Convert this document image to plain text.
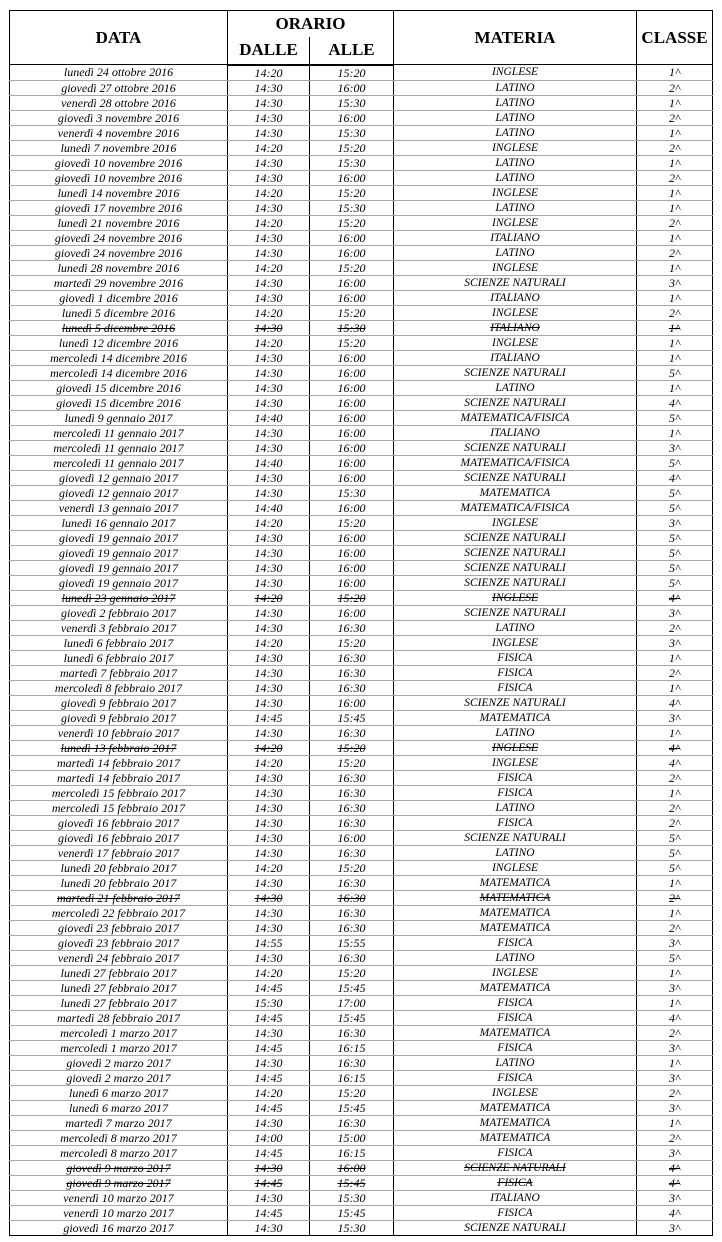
DATA	ORARIO		MATERIA	CLASSE
	DALLE	ALLE		
lunedì 24 ottobre 2016	14:20	15:20	INGLESE	1^
giovedì 27 ottobre 2016	14:30	16:00	LATINO	2^
venerdì 28 ottobre 2016	14:30	15:30	LATINO	1^
giovedì 3 novembre 2016	14:30	16:00	LATINO	2^
venerdì 4 novembre 2016	14:30	15:30	LATINO	1^
lunedì 7 novembre 2016	14:20	15:20	INGLESE	2^
giovedì 10 novembre 2016	14:30	15:30	LATINO	1^
giovedì 10 novembre 2016	14:30	16:00	LATINO	2^
lunedì 14 novembre 2016	14:20	15:20	INGLESE	1^
giovedì 17 novembre 2016	14:30	15:30	LATINO	1^
lunedì 21 novembre 2016	14:20	15:20	INGLESE	2^
giovedì 24 novembre 2016	14:30	16:00	ITALIANO	1^
giovedì 24 novembre 2016	14:30	16:00	LATINO	2^
lunedì 28 novembre 2016	14:20	15:20	INGLESE	1^
martedì 29 novembre 2016	14:30	16:00	SCIENZE NATURALI	3^
giovedì 1 dicembre 2016	14:30	16:00	ITALIANO	1^
lunedì 5 dicembre 2016	14:20	15:20	INGLESE	2^
lunedì 5 dicembre 2016	14:30	15:30	ITALIANO	1^
lunedì 12 dicembre 2016	14:20	15:20	INGLESE	1^
mercoledì 14 dicembre 2016	14:30	16:00	ITALIANO	1^
mercoledì 14 dicembre 2016	14:30	16:00	SCIENZE NATURALI	5^
giovedì 15 dicembre 2016	14:30	16:00	LATINO	1^
giovedì 15 dicembre 2016	14:30	16:00	SCIENZE NATURALI	4^
lunedì 9 gennaio 2017	14:40	16:00	MATEMATICA/FISICA	5^
mercoledì 11 gennaio 2017	14:30	16:00	ITALIANO	1^
mercoledì 11 gennaio 2017	14:30	16:00	SCIENZE NATURALI	3^
mercoledì 11 gennaio 2017	14:40	16:00	MATEMATICA/FISICA	5^
giovedì 12 gennaio 2017	14:30	16:00	SCIENZE NATURALI	4^
giovedì 12 gennaio 2017	14:30	15:30	MATEMATICA	5^
venerdì 13 gennaio 2017	14:40	16:00	MATEMATICA/FISICA	5^
lunedì 16 gennaio 2017	14:20	15:20	INGLESE	3^
giovedì 19 gennaio 2017	14:30	16:00	SCIENZE NATURALI	5^
giovedì 19 gennaio 2017	14:30	16:00	SCIENZE NATURALI	5^
giovedì 19 gennaio 2017	14:30	16:00	SCIENZE NATURALI	5^
giovedì 19 gennaio 2017	14:30	16:00	SCIENZE NATURALI	5^
lunedì 23 gennaio 2017	14:20	15:20	INGLESE	4^
giovedì 2 febbraio 2017	14:30	16:00	SCIENZE NATURALI	3^
venerdì 3 febbraio 2017	14:30	16:30	LATINO	2^
lunedì 6 febbraio 2017	14:20	15:20	INGLESE	3^
lunedì 6 febbraio 2017	14:30	16:30	FISICA	1^
martedì 7 febbraio 2017	14:30	16:30	FISICA	2^
mercoledì 8 febbraio 2017	14:30	16:30	FISICA	1^
giovedì 9 febbraio 2017	14:30	16:00	SCIENZE NATURALI	4^
giovedì 9 febbraio 2017	14:45	15:45	MATEMATICA	3^
venerdì 10 febbraio 2017	14:30	16:30	LATINO	1^
lunedì 13 febbraio 2017	14:20	15:20	INGLESE	4^
martedì 14 febbraio 2017	14:20	15:20	INGLESE	4^
martedì 14 febbraio 2017	14:30	16:30	FISICA	2^
mercoledì 15 febbraio 2017	14:30	16:30	FISICA	1^
mercoledì 15 febbraio 2017	14:30	16:30	LATINO	2^
giovedì 16 febbraio 2017	14:30	16:30	FISICA	2^
giovedì 16 febbraio 2017	14:30	16:00	SCIENZE NATURALI	5^
venerdì 17 febbraio 2017	14:30	16:30	LATINO	5^
lunedì 20 febbraio 2017	14:20	15:20	INGLESE	5^
lunedì 20 febbraio 2017	14:30	16:30	MATEMATICA	1^
martedì 21 febbraio 2017	14:30	16:30	MATEMATICA	2^
mercoledì 22 febbraio 2017	14:30	16:30	MATEMATICA	1^
giovedì 23 febbraio 2017	14:30	16:30	MATEMATICA	2^
giovedì 23 febbraio 2017	14:55	15:55	FISICA	3^
venerdì 24 febbraio 2017	14:30	16:30	LATINO	5^
lunedì 27 febbraio 2017	14:20	15:20	INGLESE	1^
lunedì 27 febbraio 2017	14:45	15:45	MATEMATICA	3^
lunedì 27 febbraio 2017	15:30	17:00	FISICA	1^
martedì 28 febbraio 2017	14:45	15:45	FISICA	4^
mercoledì 1 marzo 2017	14:30	16:30	MATEMATICA	2^
mercoledì 1 marzo 2017	14:45	16:15	FISICA	3^
giovedì 2 marzo 2017	14:30	16:30	LATINO	1^
giovedì 2 marzo 2017	14:45	16:15	FISICA	3^
lunedì 6 marzo 2017	14:20	15:20	INGLESE	2^
lunedì 6 marzo 2017	14:45	15:45	MATEMATICA	3^
martedì 7 marzo 2017	14:30	16:30	MATEMATICA	1^
mercoledì 8 marzo 2017	14:00	15:00	MATEMATICA	2^
mercoledì 8 marzo 2017	14:45	16:15	FISICA	3^
giovedì 9 marzo 2017	14:30	16:00	SCIENZE NATURALI	4^
giovedì 9 marzo 2017	14:45	15:45	FISICA	4^
venerdì 10 marzo 2017	14:30	15:30	ITALIANO	3^
venerdì 10 marzo 2017	14:45	15:45	FISICA	4^
giovedì 16 marzo 2017	14:30	15:30	SCIENZE NATURALI	3^
